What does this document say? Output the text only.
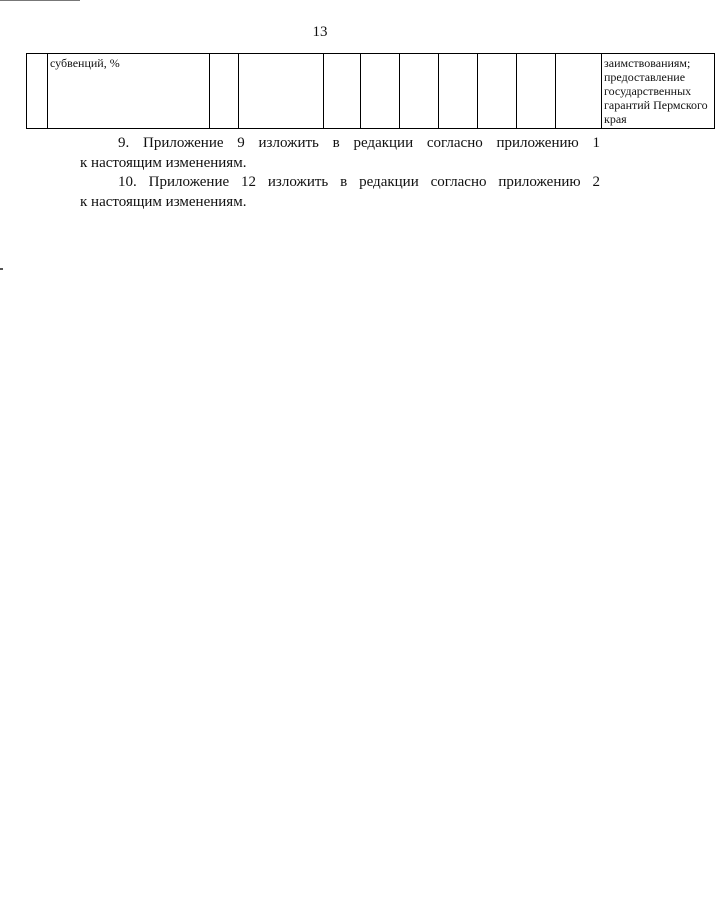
13
	субвенций, %										заимствованиям; предоставление государственных гарантий Пермского края
9. Приложение 9 изложить в редакции согласно приложению 1
к настоящим изменениям.
10. Приложение 12 изложить в редакции согласно приложению 2
к настоящим изменениям.
